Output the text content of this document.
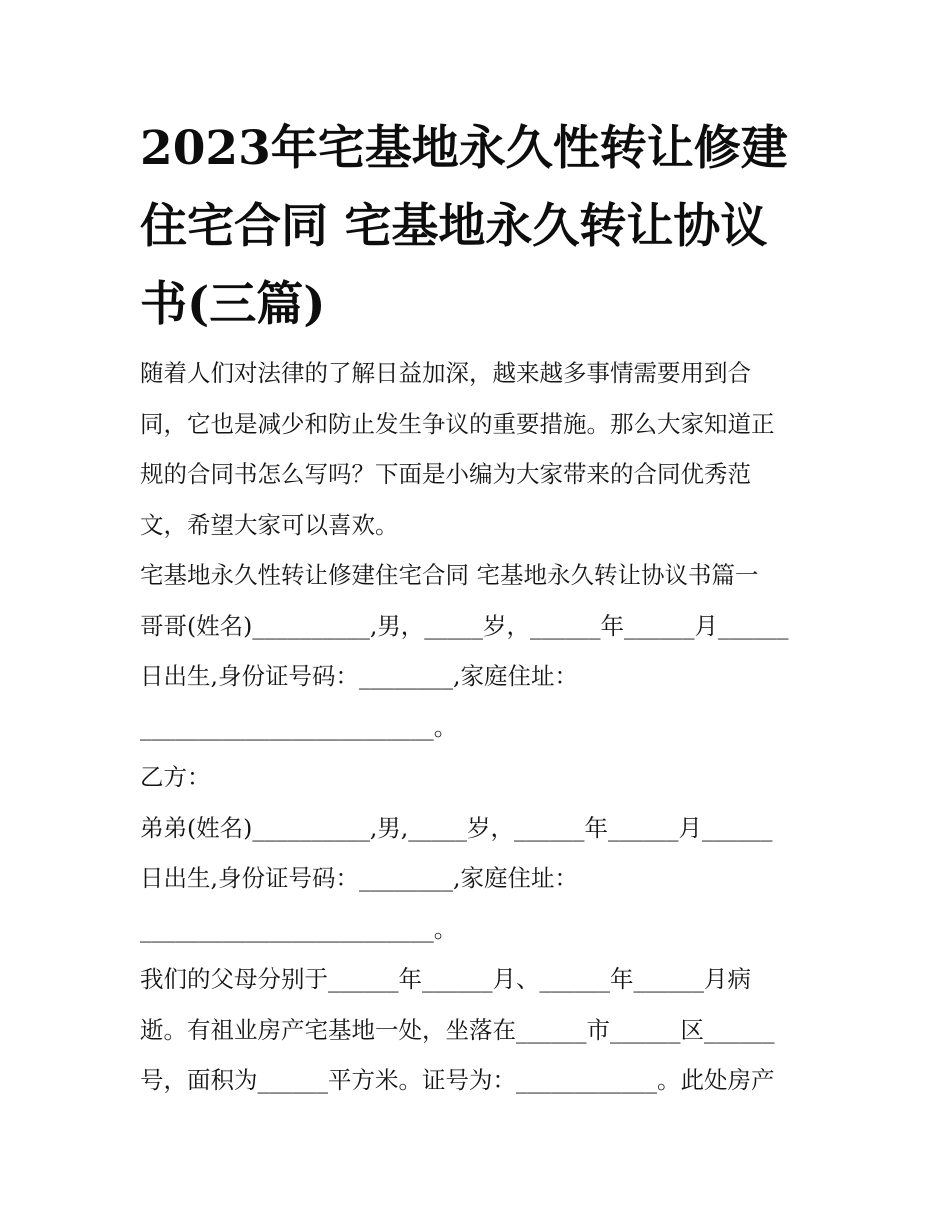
2023年宅基地永久性转让修建
住宅合同 宅基地永久转让协议
书(三篇)
随着人们对法律的了解日益加深，越来越多事情需要用到合
同，它也是减少和防止发生争议的重要措施。那么大家知道正
规的合同书怎么写吗？下面是小编为大家带来的合同优秀范
文，希望大家可以喜欢。
宅基地永久性转让修建住宅合同 宅基地永久转让协议书篇一
哥哥(姓名)__________,男，_____岁，______年______月______
日出生,身份证号码：________,家庭住址：
_________________________。
乙方：
弟弟(姓名)__________,男,_____岁，______年______月______
日出生,身份证号码：________,家庭住址：
_________________________。
我们的父母分别于______年______月、______年______月病
逝。有祖业房产宅基地一处，坐落在______市______区______
号，面积为______平方米。证号为：____________。此处房产
